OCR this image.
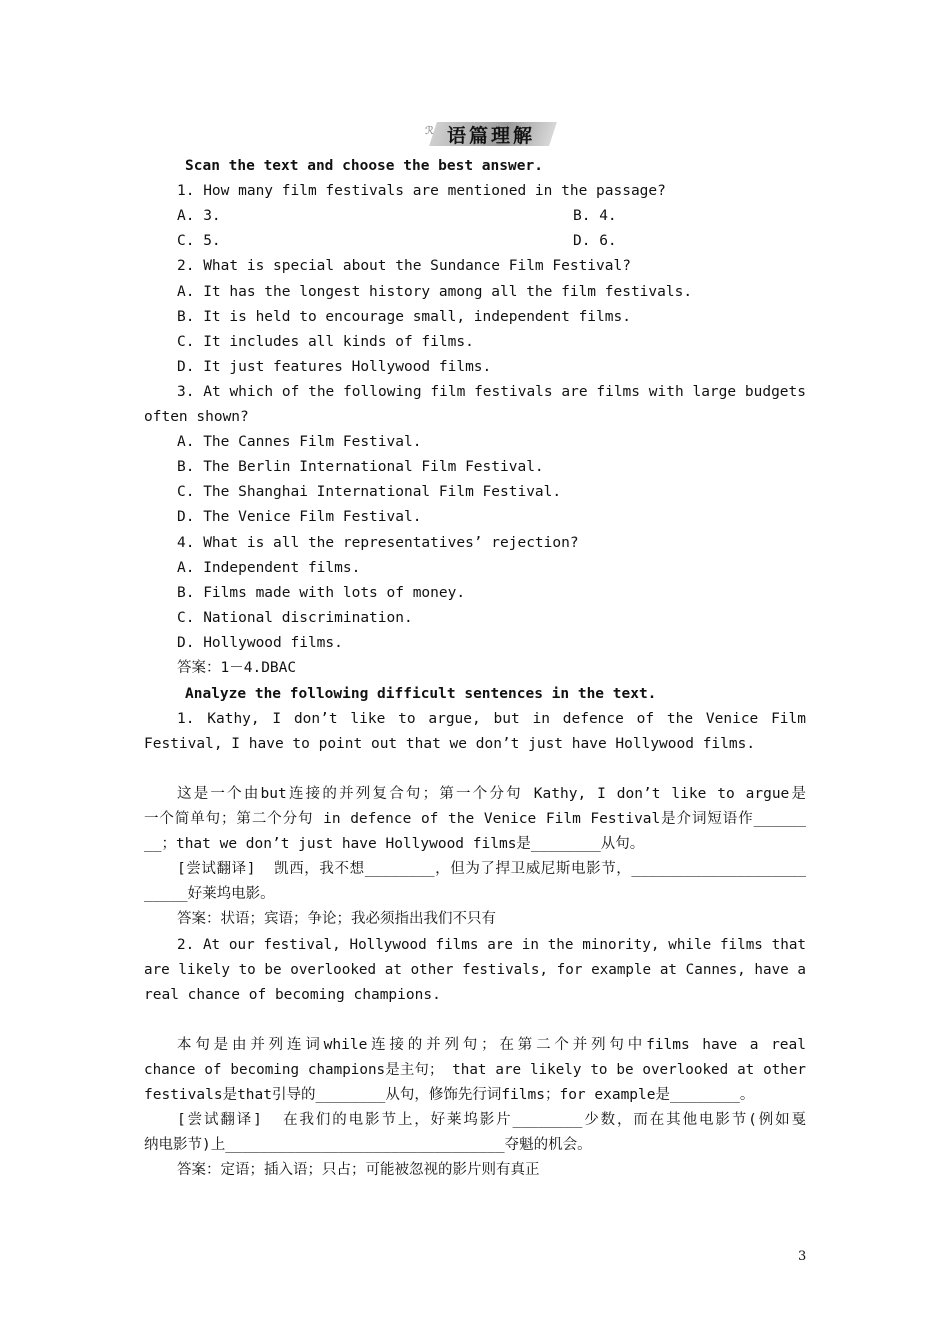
ℛ 语篇理解
Scan the text and choose the best answer.
1. How many film festivals are mentioned in the passage?
A. 3.	B. 4.
C. 5.	D. 6.
2. What is special about the Sundance Film Festival?
A. It has the longest history among all the film festivals.
B. It is held to encourage small, independent films.
C. It includes all kinds of films.
D. It just features Hollywood films.
3. At which of the following film festivals are films with large budgets
often shown?
A. The Cannes Film Festival.
B. The Berlin International Film Festival.
C. The Shanghai International Film Festival.
D. The Venice Film Festival.
4. What is all the representatives’ rejection?
A. Independent films.
B. Films made with lots of money.
C. National discrimination.
D. Hollywood films.
答案：1－4.DBAC
Analyze the following difficult sentences in the text.
1. Kathy, I don’t like to argue, but in defence of the Venice Film
Festival, I have to point out that we don’t just have Hollywood films.
这是一个由but连接的并列复合句；第一个分句 Kathy, I don’t like to argue是
一个简单句；第二个分句 in defence of the Venice Film Festival是介词短语作______
__；that we don’t just have Hollywood films是________从句。
[尝试翻译]  凯西，我不想________，但为了捍卫威尼斯电影节，____________________
_____好莱坞电影。
答案：状语；宾语；争论；我必须指出我们不只有
2. At our festival, Hollywood films are in the minority, while films that
are likely to be overlooked at other festivals, for example at Cannes, have a
real chance of becoming champions.
本句是由并列连词while连接的并列句；在第二个并列句中films have a real
chance of becoming champions是主句； that are likely to be overlooked at other
festivals是that引导的________从句，修饰先行词films；for example是________。
[尝试翻译]  在我们的电影节上，好莱坞影片________少数，而在其他电影节(例如戛
纳电影节)上________________________________夺魁的机会。
答案：定语；插入语；只占；可能被忽视的影片则有真正
3
